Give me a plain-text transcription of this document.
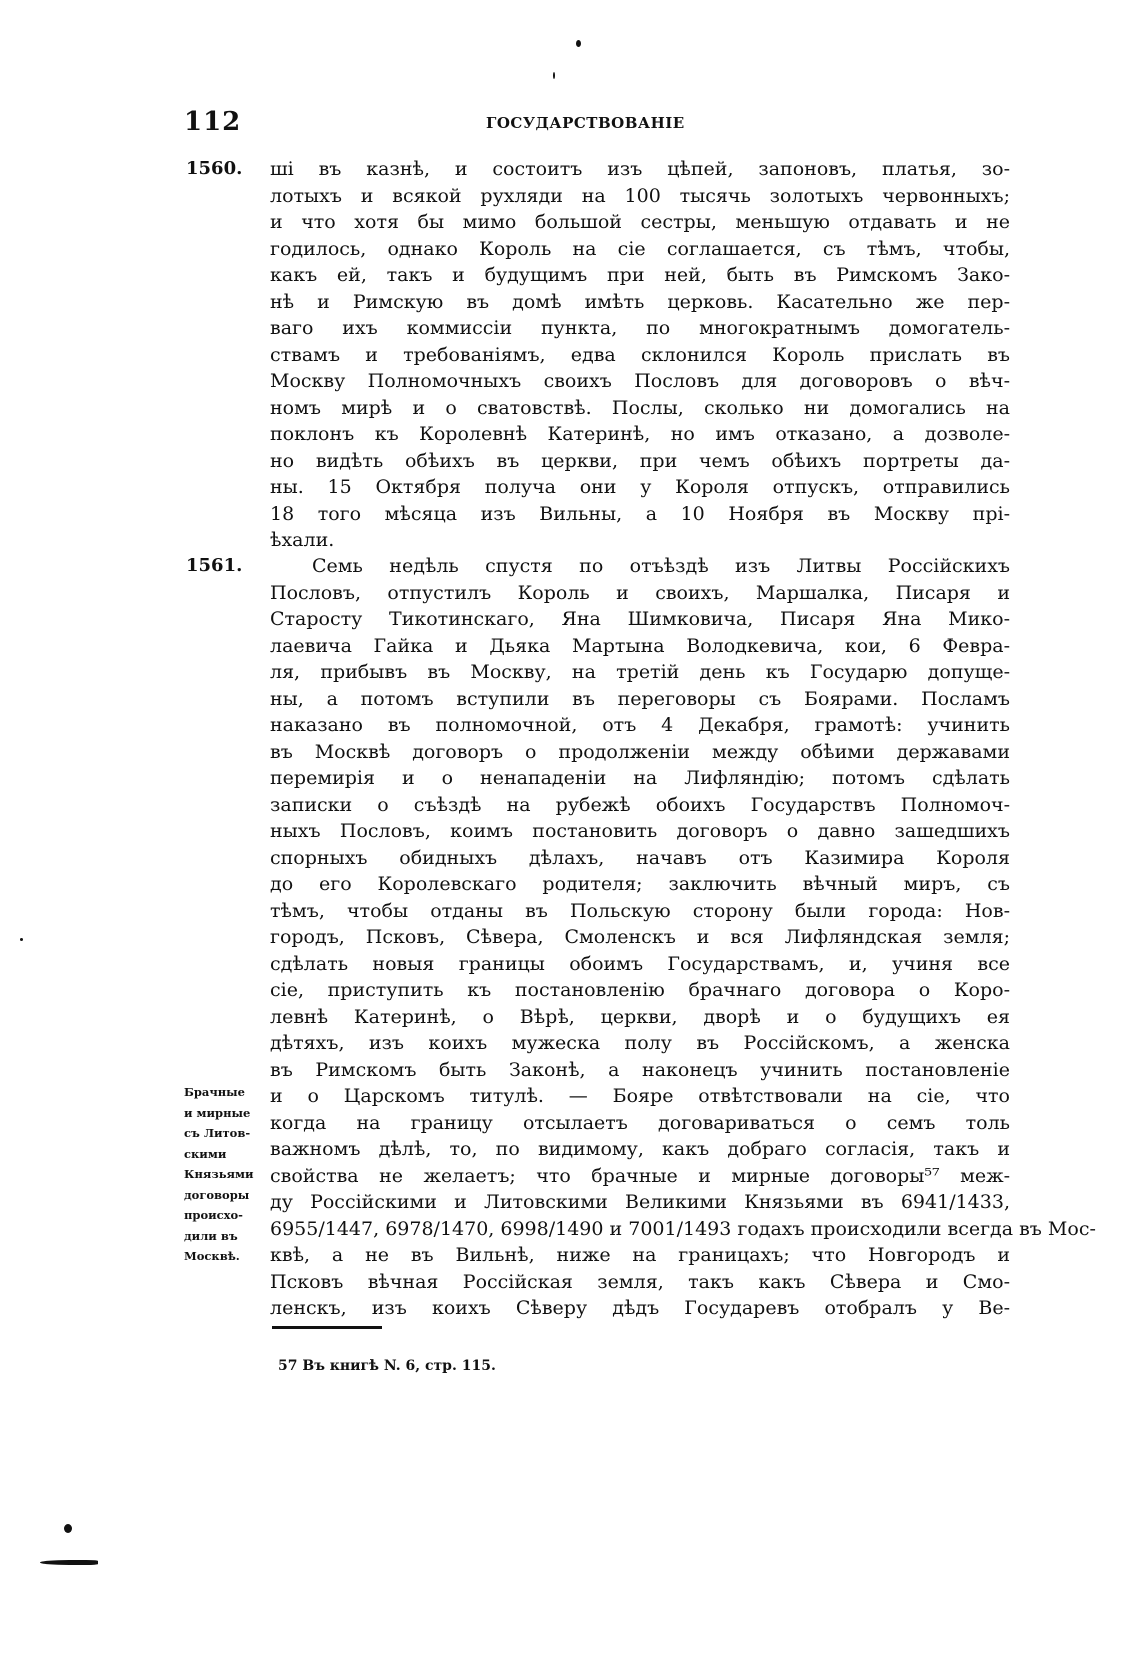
112	ГОСУДАРСТВОВАНІЕ
1560. ші въ казнѣ, и состоитъ изъ цѣпей, запоновъ, платья, зо-
лотыхъ и всякой рухляди на 100 тысячь золотыхъ червонныхъ;
и что хотя бы мимо большой сестры, меньшую отдавать и не
годилось, однако Король на сіе соглашается, съ тѣмъ, чтобы,
какъ ей, такъ и будущимъ при ней, быть въ Римскомъ Зако-
нѣ и Римскую въ домѣ имѣть церковь. Касательно же пер-
ваго ихъ коммиссіи пункта, по многократнымъ домогатель-
ствамъ и требованіямъ, едва склонился Король прислать въ
Москву Полномочныхъ своихъ Пословъ для договоровъ о вѣч-
номъ мирѣ и о сватовствѣ. Послы, сколько ни домогались на
поклонъ къ Королевнѣ Катеринѣ, но имъ отказано, а дозволе-
но видѣть обѣихъ въ церкви, при чемъ обѣихъ портреты да-
ны. 15 Октября получа они у Короля отпускъ, отправились
18 того мѣсяца изъ Вильны, а 10 Ноября въ Москву прі-
ѣхали.
1561.	Семь недѣль спустя по отъѣздѣ изъ Литвы Россійскихъ
Пословъ, отпустилъ Король и своихъ, Маршалка, Писаря и
Старосту Тикотинскаго, Яна Шимковича, Писаря Яна Мико-
лаевича Гайка и Дьяка Мартына Володкевича, кои, 6 Февра-
ля, прибывъ въ Москву, на третій день къ Государю допуще-
ны, а потомъ вступили въ переговоры съ Боярами. Посламъ
наказано въ полномочной, отъ 4 Декабря, грамотѣ: учинить
въ Москвѣ договоръ о продолженіи между обѣими державами
перемирія и о ненападеніи на Лифляндію; потомъ сдѣлать
записки о съѣздѣ на рубежѣ обоихъ Государствъ Полномоч-
ныхъ Пословъ, коимъ постановить договоръ о давно зашедшихъ
спорныхъ обидныхъ дѣлахъ, начавъ отъ Казимира Короля
до его Королевскаго родителя; заключить вѣчный миръ, съ
тѣмъ, чтобы отданы въ Польскую сторону были города: Нов-
городъ, Псковъ, Сѣвера, Смоленскъ и вся Лифляндская земля;
сдѣлать новыя границы обоимъ Государствамъ, и, учиня все
сіе, приступить къ постановленію брачнаго договора о Коро-
левнѣ Катеринѣ, о Вѣрѣ, церкви, дворѣ и о будущихъ ея
дѣтяхъ, изъ коихъ мужеска полу въ Россійскомъ, а женска
въ Римскомъ быть Законѣ, а наконецъ учинить постановленіе
и о Царскомъ титулѣ. — Бояре отвѣтствовали на сіе, что
когда на границу отсылаетъ договариваться о семъ толь
важномъ дѣлѣ, то, по видимому, какъ добраго согласія, такъ и
свойства не желаетъ; что брачные и мирные договоры⁵⁷ меж-
ду Россійскими и Литовскими Великими Князьями въ 6941/1433,
6955/1447, 6978/1470, 6998/1490 и 7001/1493 годахъ происходили всегда въ Мос-
квѣ, а не въ Вильнѣ, ниже на границахъ; что Новгородъ и
Псковъ вѣчная Россійская земля, такъ какъ Сѣвера и Смо-
ленскъ, изъ коихъ Сѣверу дѣдъ Государевъ отобралъ у Ве-
Брачные
и мирные
съ Литов-
скими
Князьями
договоры
происхо-
дили въ
Москвѣ.
57 Въ книгѣ N. 6, стр. 115.
